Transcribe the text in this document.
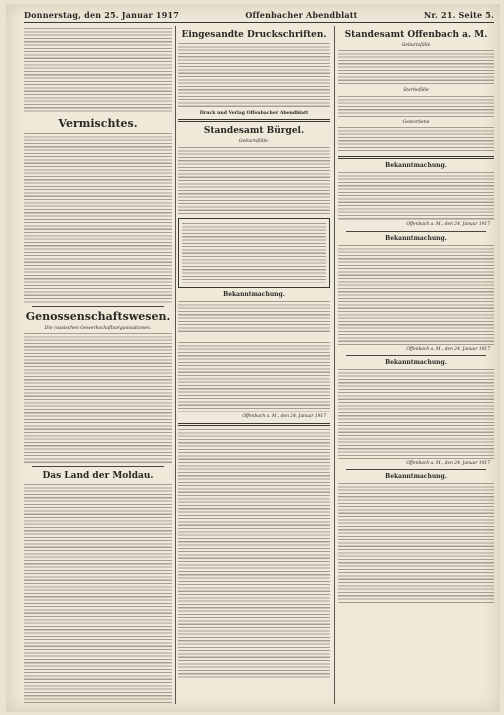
Donnerstag, den 25. Januar 1917	Offenbacher Abendblatt	Nr. 21. Seite 5.
Vermischtes.
Genossenschaftswesen.
Die russischen Gewerkschaftsorganisationen.
Das Land der Moldau.
Eingesandte Druckschriften.
Druck und Verlag Offenbacher Abendblatt
Standesamt Bürgel.
Geburtsfälle.
Bekanntmachung.
Offenbach a. M., den 24. Januar 1917
Standesamt Offenbach a. M.
Geburtsfälle
Sterbefälle
Gestorbene
Bekanntmachung.
Offenbach a. M., den 24. Januar 1917
Bekanntmachung.
Offenbach a. M., den 24. Januar 1917
Bekanntmachung.
Offenbach a. M., den 24. Januar 1917
Bekanntmachung.
